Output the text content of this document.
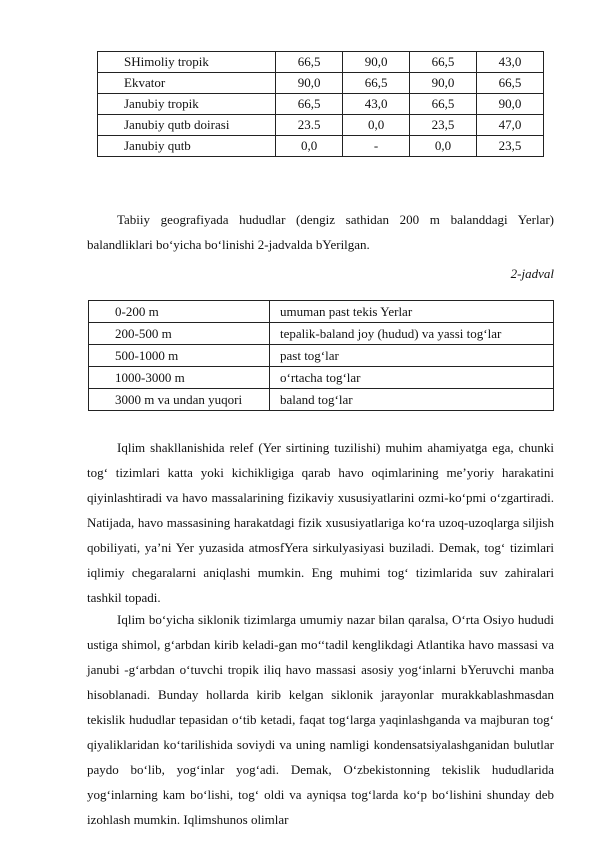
SHimoliy tropik	66,5	90,0	66,5	43,0
Ekvator	90,0	66,5	90,0	66,5
Janubiy tropik	66,5	43,0	66,5	90,0
Janubiy qutb doirasi	23.5	0,0	23,5	47,0
Janubiy qutb	0,0	-	0,0	23,5

Tabiiy geografiyada hududlar (dengiz sathidan 200 m balanddagi Yerlar) balandliklari bo‘yicha bo‘linishi 2-jadvalda bYerilgan.

2-jadval
0-200 m	umuman past tekis Yerlar
200-500 m	tepalik-baland joy (hudud) va yassi tog‘lar
500-1000 m	past tog‘lar
1000-3000 m	o‘rtacha tog‘lar
3000 m va undan yuqori	baland tog‘lar

Iqlim shakllanishida relef (Yer sirtining tuzilishi) muhim ahamiyatga ega, chunki tog‘ tizimlari katta yoki kichikligiga qarab havo oqimlarining me’yoriy harakatini qiyinlashtiradi va havo massalarining fizikaviy xususiyatlarini ozmi-ko‘pmi o‘zgartiradi. Natijada, havo massasining harakatdagi fizik xususiyatlariga ko‘ra uzoq-uzoqlarga siljish qobiliyati, ya’ni Yer yuzasida atmosfYera sirkulyasiyasi buziladi. Demak, tog‘ tizimlari iqlimiy chegaralarni aniqlashi mumkin. Eng muhimi tog‘ tizimlarida suv zahiralari tashkil topadi.

Iqlim bo‘yicha siklonik tizimlarga umumiy nazar bilan qaralsa, O‘rta Osiyo hududi ustiga shimol, g‘arbdan kirib keladi-gan mo‘‘tadil kenglikdagi Atlantika havo massasi va janubi -g‘arbdan o‘tuvchi tropik iliq havo massasi asosiy yog‘inlarni bYeruvchi manba hisoblanadi. Bunday hollarda kirib kelgan siklonik jarayonlar murakkablashmasdan tekislik hududlar tepasidan o‘tib ketadi, faqat tog‘larga yaqinlashganda va majburan tog‘ qiyaliklaridan ko‘tarilishida soviydi va uning namligi kondensatsiyalashganidan bulutlar paydo bo‘lib, yog‘inlar yog‘adi. Demak, O‘zbekistonning tekislik hududlarida yog‘inlarning kam bo‘lishi, tog‘ oldi va ayniqsa tog‘larda ko‘p bo‘lishini shunday deb izohlash mumkin. Iqlimshunos olimlar
